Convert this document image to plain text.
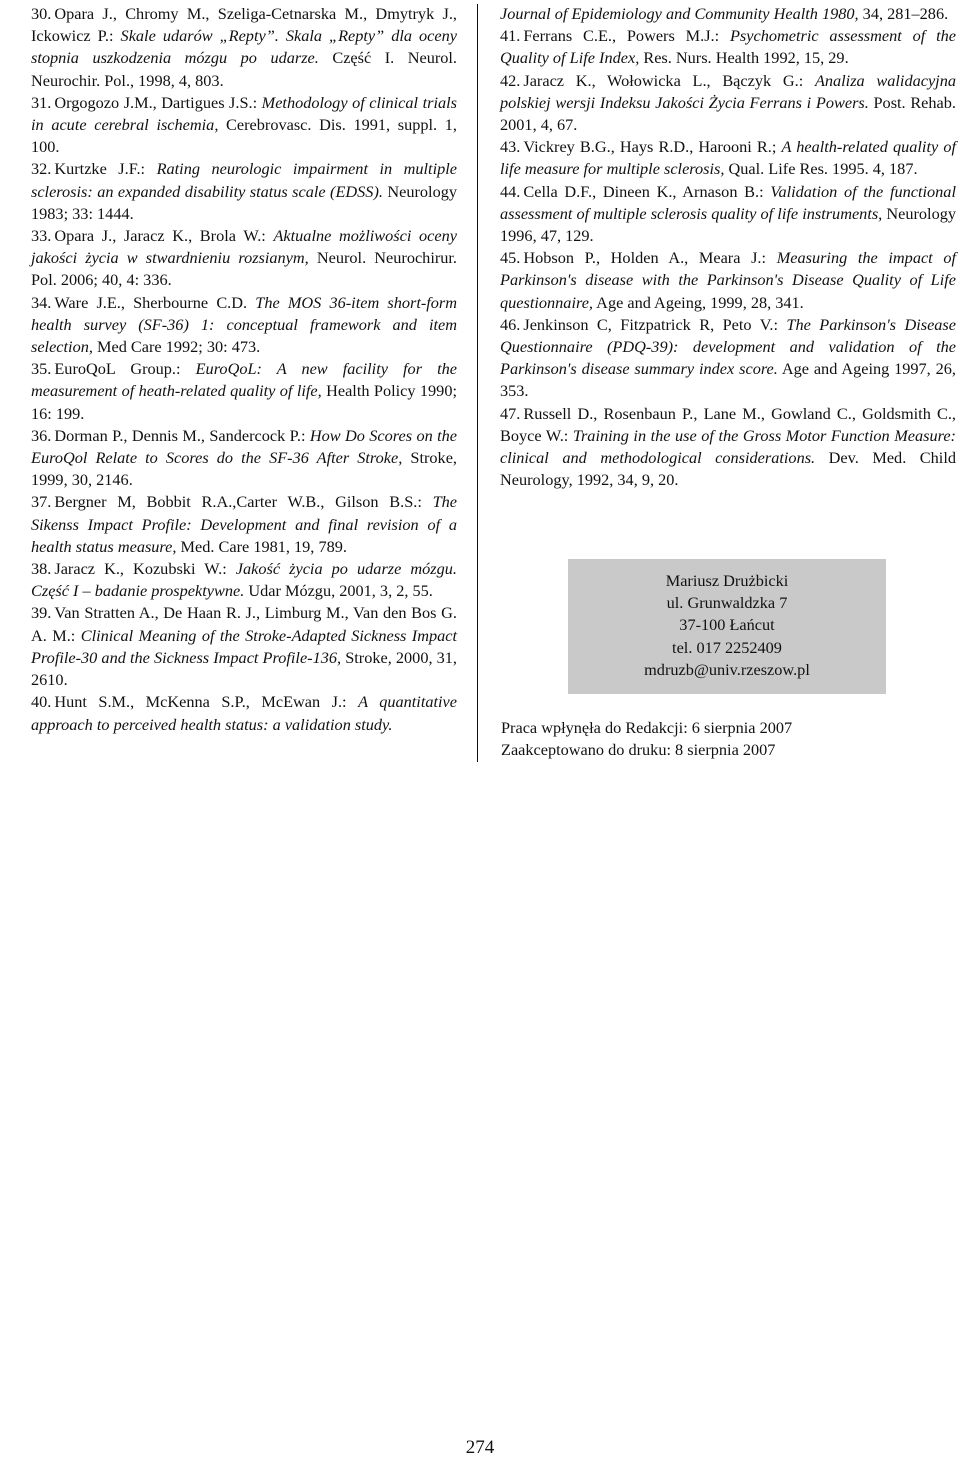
30. Opara J., Chromy M., Szeliga-Cetnarska M., Dmytryk J., Ickowicz P.: Skale udarów „Repty”. Skala „Repty” dla oceny stopnia uszkodzenia mózgu po udarze. Część I. Neurol. Neurochir. Pol., 1998, 4, 803.
31. Orgogozo J.M., Dartigues J.S.: Methodology of clinical trials in acute cerebral ischemia, Cerebrovasc. Dis. 1991, suppl. 1, 100.
32. Kurtzke J.F.: Rating neurologic impairment in multiple sclerosis: an expanded disability status scale (EDSS). Neurology 1983; 33: 1444.
33. Opara J., Jaracz K., Brola W.: Aktualne możliwości oceny jakości życia w stwardnieniu rozsianym, Neurol. Neurochirur. Pol. 2006; 40, 4: 336.
34. Ware J.E., Sherbourne C.D. The MOS 36-item short-form health survey (SF-36) 1: conceptual framework and item selection, Med Care 1992; 30: 473.
35. EuroQoL Group.: EuroQoL: A new facility for the measurement of heath-related quality of life, Health Policy 1990; 16: 199.
36. Dorman P., Dennis M., Sandercock P.: How Do Scores on the EuroQol Relate to Scores do the SF-36 After Stroke, Stroke, 1999, 30, 2146.
37. Bergner M, Bobbit R.A.,Carter W.B., Gilson B.S.: The Sikenss Impact Profile: Development and final revision of a health status measure, Med. Care 1981, 19, 789.
38. Jaracz K., Kozubski W.: Jakość życia po udarze mózgu. Część I – badanie prospektywne. Udar Mózgu, 2001, 3, 2, 55.
39. Van Stratten A., De Haan R. J., Limburg M., Van den Bos G. A. M.: Clinical Meaning of the Stroke-Adapted Sickness Impact Profile-30 and the Sickness Impact Profile-136, Stroke, 2000, 31, 2610.
40. Hunt S.M., McKenna S.P., McEwan J.: A quantitative approach to perceived health status: a validation study.
Journal of Epidemiology and Community Health 1980, 34, 281–286.
41. Ferrans C.E., Powers M.J.: Psychometric assessment of the Quality of Life Index, Res. Nurs. Health 1992, 15, 29.
42. Jaracz K., Wołowicka L., Bączyk G.: Analiza walidacyjna polskiej wersji Indeksu Jakości Życia Ferrans i Powers. Post. Rehab. 2001, 4, 67.
43. Vickrey B.G., Hays R.D., Harooni R.; A health-related quality of life measure for multiple sclerosis, Qual. Life Res. 1995. 4, 187.
44. Cella D.F., Dineen K., Arnason B.: Validation of the functional assessment of multiple sclerosis quality of life instruments, Neurology 1996, 47, 129.
45. Hobson P., Holden A., Meara J.: Measuring the impact of Parkinson's disease with the Parkinson's Disease Quality of Life questionnaire, Age and Ageing, 1999, 28, 341.
46. Jenkinson C, Fitzpatrick R, Peto V.: The Parkinson's Disease Questionnaire (PDQ-39): development and validation of the Parkinson's disease summary index score. Age and Ageing 1997, 26, 353.
47. Russell D., Rosenbaun P., Lane M., Gowland C., Goldsmith C., Boyce W.: Training in the use of the Gross Motor Function Measure: clinical and methodological considerations. Dev. Med. Child Neurology, 1992, 34, 9, 20.
Mariusz Drużbicki
ul. Grunwaldzka 7
37-100 Łańcut
tel. 017 2252409
mdruzb@univ.rzeszow.pl
Praca wpłynęła do Redakcji: 6 sierpnia 2007
Zaakceptowano do druku: 8 sierpnia 2007
274
